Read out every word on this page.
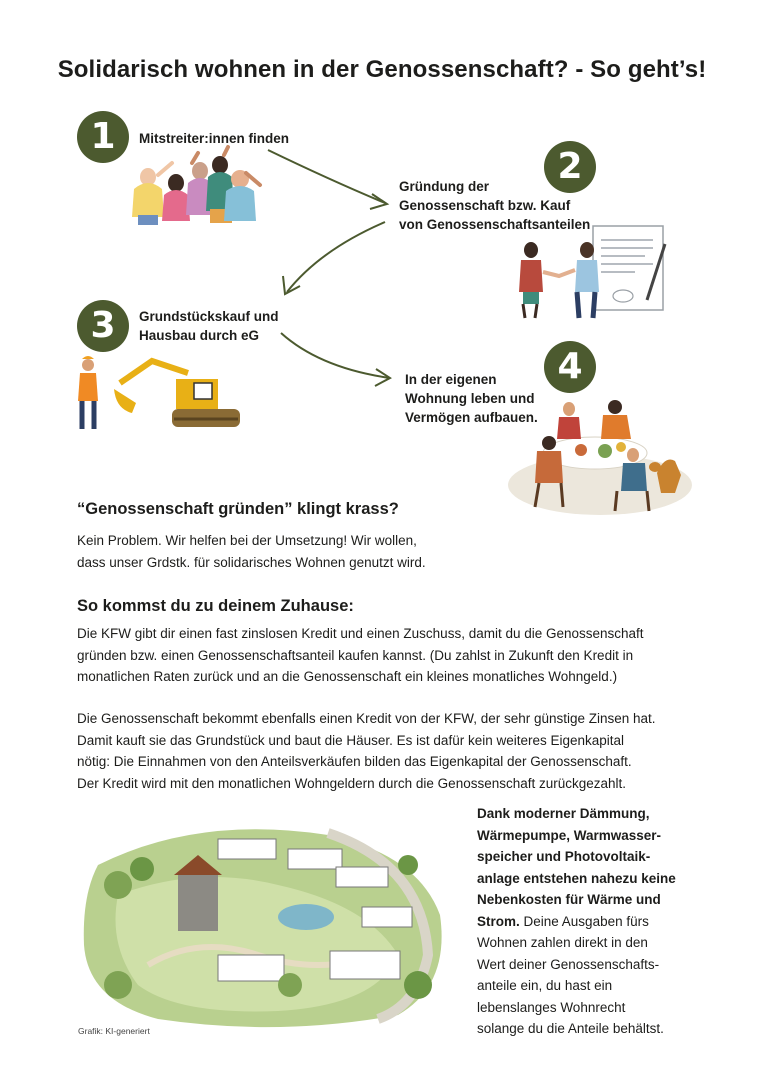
Solidarisch wohnen in der Genossenschaft? - So geht’s!
1	Mitstreiter:innen finden
2
Gründung der
Genossenschaft bzw. Kauf
von Genossenschaftsanteilen
3	Grundstückskauf und
Hausbau durch eG
4
In der eigenen
Wohnung leben und
Vermögen aufbauen.
“Genossenschaft gründen” klingt krass?
Kein Problem. Wir helfen bei der Umsetzung! Wir wollen,
dass unser Grdstk. für solidarisches Wohnen genutzt wird.
So kommst du zu deinem Zuhause:
Die KFW gibt dir einen fast zinslosen Kredit und einen Zuschuss, damit du die Genossenschaft
gründen bzw. einen Genossenschaftsanteil kaufen kannst. (Du zahlst in Zukunft den Kredit in
monatlichen Raten zurück und an die Genossenschaft ein kleines monatliches Wohngeld.)
Die Genossenschaft bekommt ebenfalls einen Kredit von der KFW, der sehr günstige Zinsen hat.
Damit kauft sie das Grundstück und baut die Häuser. Es ist dafür kein weiteres Eigenkapital
nötig: Die Einnahmen von den Anteilsverkäufen bilden das Eigenkapital der Genossenschaft.
Der Kredit wird mit den monatlichen Wohngeldern durch die Genossenschaft zurückgezahlt.
Grafik: KI-generiert
Dank moderner Dämmung,
Wärmepumpe, Warmwasser-
speicher und Photovoltaik-
anlage entstehen nahezu keine
Nebenkosten für Wärme und
Strom. Deine Ausgaben fürs
Wohnen zahlen direkt in den
Wert deiner Genossenschafts-
anteile ein, du hast ein
lebenslanges Wohnrecht
solange du die Anteile behältst.
